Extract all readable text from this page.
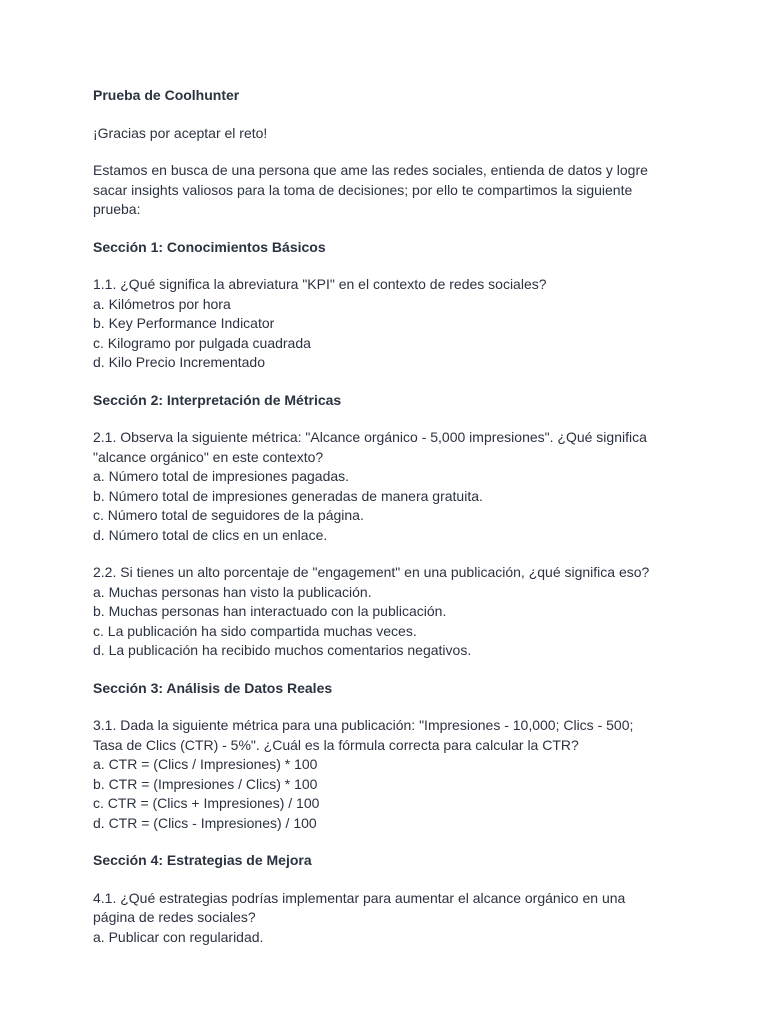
Prueba de Coolhunter

¡Gracias por aceptar el reto!

Estamos en busca de una persona que ame las redes sociales, entienda de datos y logre

sacar insights valiosos para la toma de decisiones; por ello te compartimos la siguiente

prueba:

Sección 1: Conocimientos Básicos

1.1. ¿Qué significa la abreviatura "KPI" en el contexto de redes sociales?

a. Kilómetros por hora

b. Key Performance Indicator

c. Kilogramo por pulgada cuadrada

d. Kilo Precio Incrementado

Sección 2: Interpretación de Métricas

2.1. Observa la siguiente métrica: "Alcance orgánico - 5,000 impresiones". ¿Qué significa

"alcance orgánico" en este contexto?

a. Número total de impresiones pagadas.

b. Número total de impresiones generadas de manera gratuita.

c. Número total de seguidores de la página.

d. Número total de clics en un enlace.

2.2. Si tienes un alto porcentaje de "engagement" en una publicación, ¿qué significa eso?

a. Muchas personas han visto la publicación.

b. Muchas personas han interactuado con la publicación.

c. La publicación ha sido compartida muchas veces.

d. La publicación ha recibido muchos comentarios negativos.

Sección 3: Análisis de Datos Reales

3.1. Dada la siguiente métrica para una publicación: "Impresiones - 10,000; Clics - 500;

Tasa de Clics (CTR) - 5%". ¿Cuál es la fórmula correcta para calcular la CTR?

a. CTR = (Clics / Impresiones) * 100

b. CTR = (Impresiones / Clics) * 100

c. CTR = (Clics + Impresiones) / 100

d. CTR = (Clics - Impresiones) / 100

Sección 4: Estrategias de Mejora

4.1. ¿Qué estrategias podrías implementar para aumentar el alcance orgánico en una

página de redes sociales?

a. Publicar con regularidad.
